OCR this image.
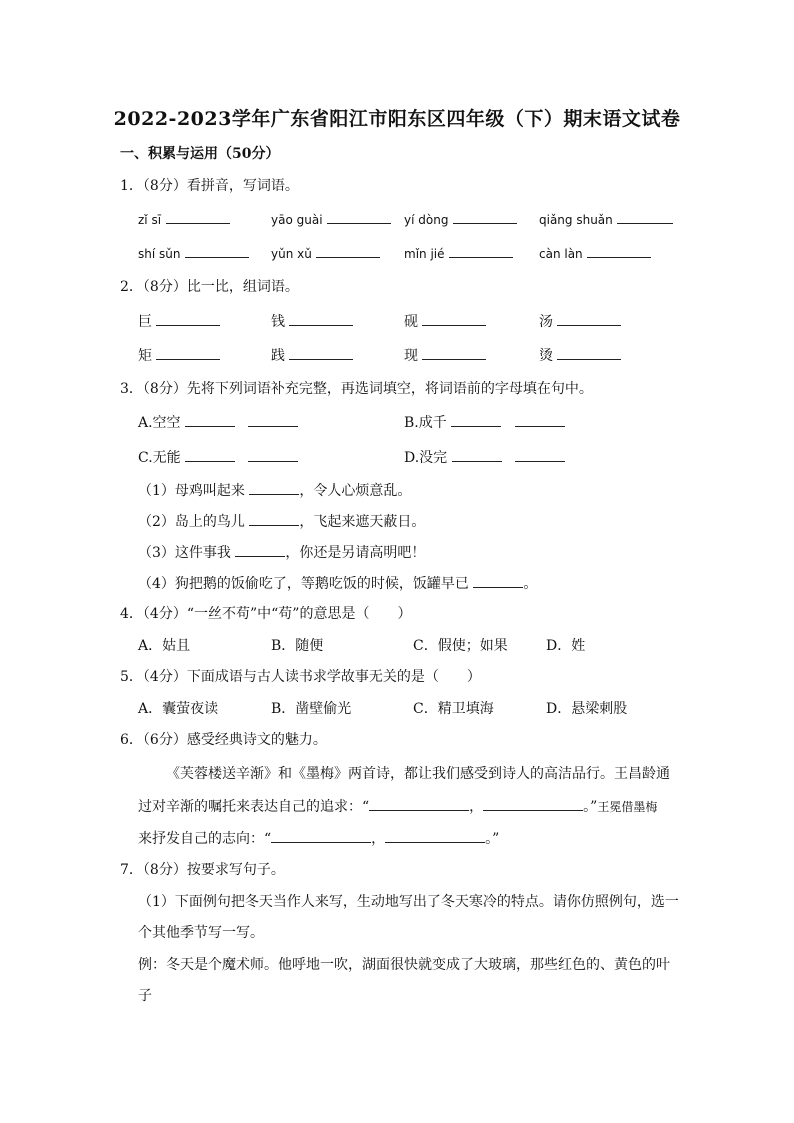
2022-2023学年广东省阳江市阳东区四年级（下）期末语文试卷
一、积累与运用（50分）
1．（8分）看拼音，写词语。
zǐ sī	yāo guài	yí dòng	qiǎng shuǎn
shí sǔn	yǔn xǔ	mǐn jié	càn làn
2．（8分）比一比，组词语。
巨	钱	砚	汤
矩	践	现	烫
3．（8分）先将下列词语补充完整，再选词填空，将词语前的字母填在句中。
A.空空	B.成千
C.无能	D.没完
（1）母鸡叫起来	，令人心烦意乱。
（2）岛上的鸟儿	，飞起来遮天蔽日。
（3）这件事我	，你还是另请高明吧！
（4）狗把鹅的饭偷吃了，等鹅吃饭的时候，饭罐早已	。
4．（4分）“一丝不苟”中“苟”的意思是（　　）
A．姑且	B．随便	C．假使；如果	D．姓
5．（4分）下面成语与古人读书求学故事无关的是（　　）
A．囊萤夜读	B．凿壁偷光	C．精卫填海	D．悬梁刺股
6．（6分）感受经典诗文的魅力。
《芙蓉楼送辛渐》和《墨梅》两首诗，都让我们感受到诗人的高洁品行。王昌龄通
过对辛渐的嘱托来表达自己的追求：“	，	。”王冕借墨梅
来抒发自己的志向：“	，	。”
7．（8分）按要求写句子。
（1）下面例句把冬天当作人来写，生动地写出了冬天寒冷的特点。请你仿照例句，选一
个其他季节写一写。
例：冬天是个魔术师。他呼地一吹，湖面很快就变成了大玻璃，那些红色的、黄色的叶
子
